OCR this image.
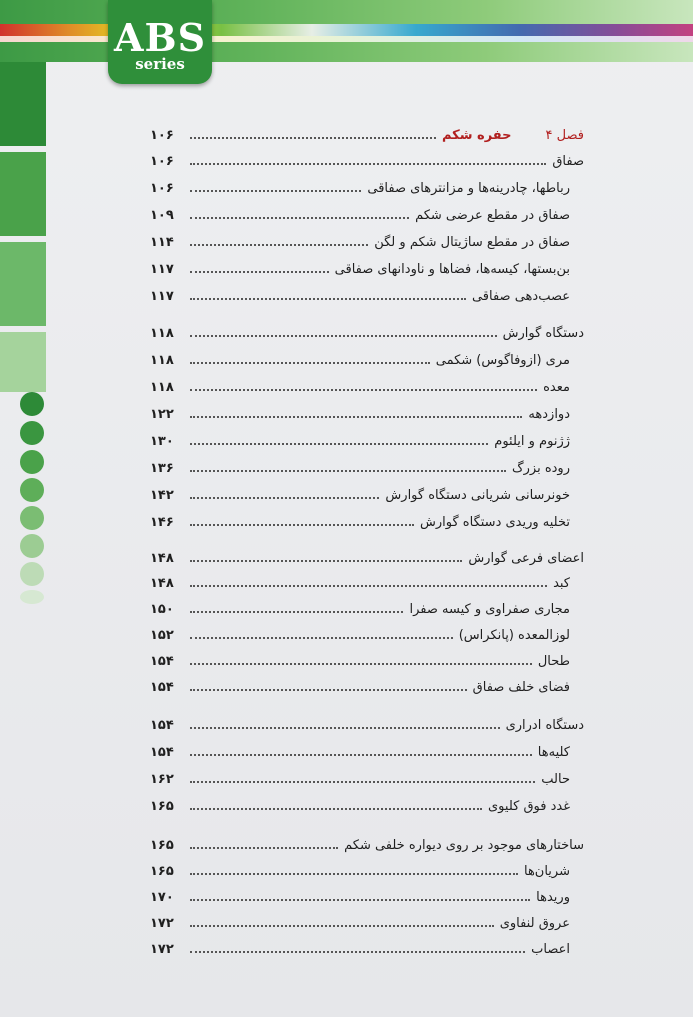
ABS
series
فصل ۴
حفره شکم
۱۰۶
صفاق
۱۰۶
رباطها، چادرینه‌ها و مزانترهای صفاقی
۱۰۶
صفاق در مقطع عرضی شکم
۱۰۹
صفاق در مقطع سا‌ژیتال شکم و لگن
۱۱۴
بن‌بستها، کیسه‌ها، فضاها و ناودانهای صفاقی
۱۱۷
عصب‌دهی صفاقی
۱۱۷
دستگاه گوارش
۱۱۸
مری (ازوفاگوس) شکمی
۱۱۸
معده
۱۱۸
دوازدهه
۱۲۲
ژژنوم و ایلئوم
۱۳۰
روده بزرگ
۱۳۶
خونرسانی شریانی دستگاه گوارش
۱۴۲
تخلیه وریدی دستگاه گوارش
۱۴۶
اعضای فرعی گوارش
۱۴۸
کبد
۱۴۸
مجاری صفراوی و کیسه صفرا
۱۵۰
لوزالمعده (پانکراس)
۱۵۲
طحال
۱۵۴
فضای خلف صفاق
۱۵۴
دستگاه ادراری
۱۵۴
کلیه‌ها
۱۵۴
حالب
۱۶۲
غدد فوق کلیوی
۱۶۵
ساختارهای موجود بر روی دیواره خلفی شکم
۱۶۵
شریان‌ها
۱۶۵
وریدها
۱۷۰
عروق لنفاوی
۱۷۲
اعصاب
۱۷۲
